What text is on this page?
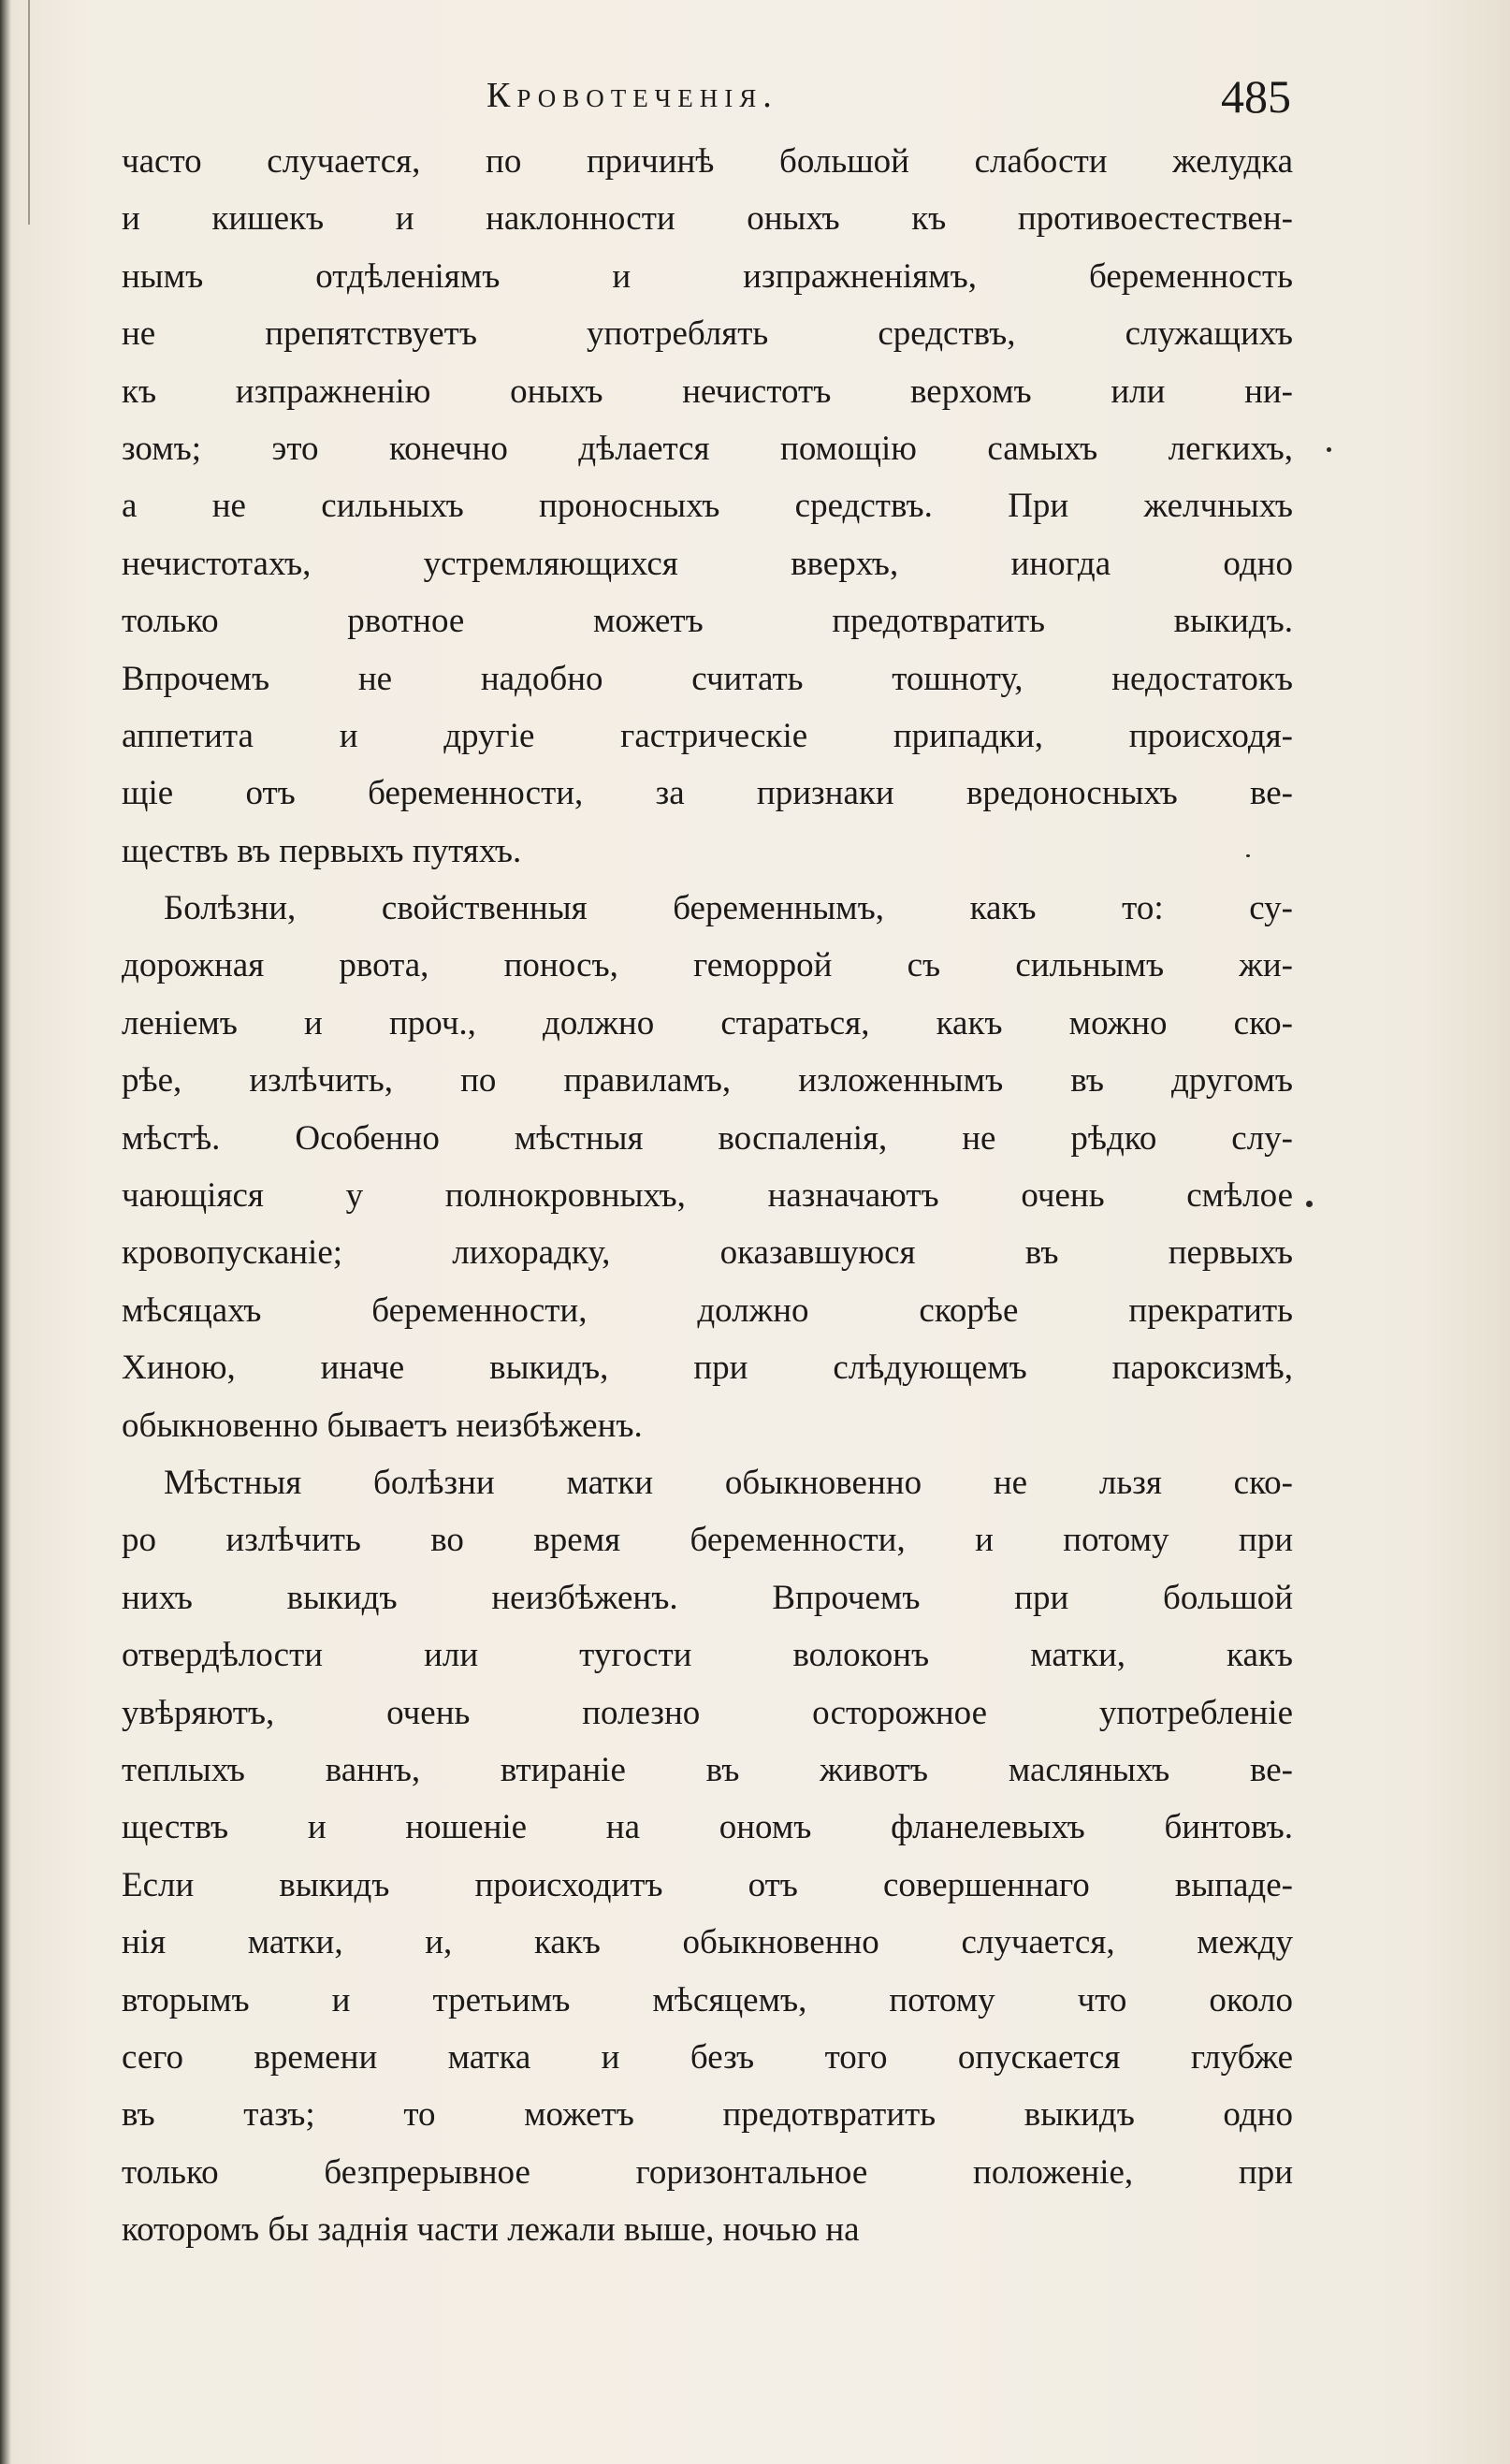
Кровотеченія.	485
часто случается, по причинѣ большой слабости желудка
и кишекъ и наклонности оныхъ къ противоестествен-
нымъ отдѣленіямъ и изпражненіямъ, беременность
не препятствуетъ употреблять средствъ, служащихъ
къ изпражненію оныхъ нечистотъ верхомъ или ни-
зомъ; это конечно дѣлается помощію самыхъ легкихъ,
а не сильныхъ проносныхъ средствъ. При желчныхъ
нечистотахъ, устремляющихся вверхъ, иногда одно
только рвотное можетъ предотвратить выкидъ.
Впрочемъ не надобно считать тошноту, недостатокъ
аппетита и другіе гастрическіе припадки, происходя-
щіе отъ беременности, за признаки вредоносныхъ ве-
ществъ въ первыхъ путяхъ.
Болѣзни, свойственныя беременнымъ, какъ то: су-
дорожная рвота, поносъ, геморрой съ сильнымъ жи-
леніемъ и проч., должно стараться, какъ можно ско-
рѣе, излѣчить, по правиламъ, изложеннымъ въ другомъ
мѣстѣ. Особенно мѣстныя воспаленія, не рѣдко слу-
чающіяся у полнокровныхъ, назначаютъ очень смѣлое
кровопусканіе; лихорадку, оказавшуюся въ первыхъ
мѣсяцахъ беременности, должно скорѣе прекратить
Хиною, иначе выкидъ, при слѣдующемъ пароксизмѣ,
обыкновенно бываетъ неизбѣженъ.
Мѣстныя болѣзни матки обыкновенно не льзя ско-
ро излѣчить во время беременности, и потому при
нихъ выкидъ неизбѣженъ. Впрочемъ при большой
отвердѣлости или тугости волоконъ матки, какъ
увѣряютъ, очень полезно осторожное употребленіе
теплыхъ ваннъ, втираніе въ животъ масляныхъ ве-
ществъ и ношеніе на ономъ фланелевыхъ бинтовъ.
Если выкидъ происходитъ отъ совершеннаго выпаде-
нія матки, и, какъ обыкновенно случается, между
вторымъ и третьимъ мѣсяцемъ, потому что около
сего времени матка и безъ того опускается глубже
въ тазъ; то можетъ предотвратить выкидъ одно
только безпрерывное горизонтальное положеніе, при
которомъ бы заднія части лежали выше, ночью на
